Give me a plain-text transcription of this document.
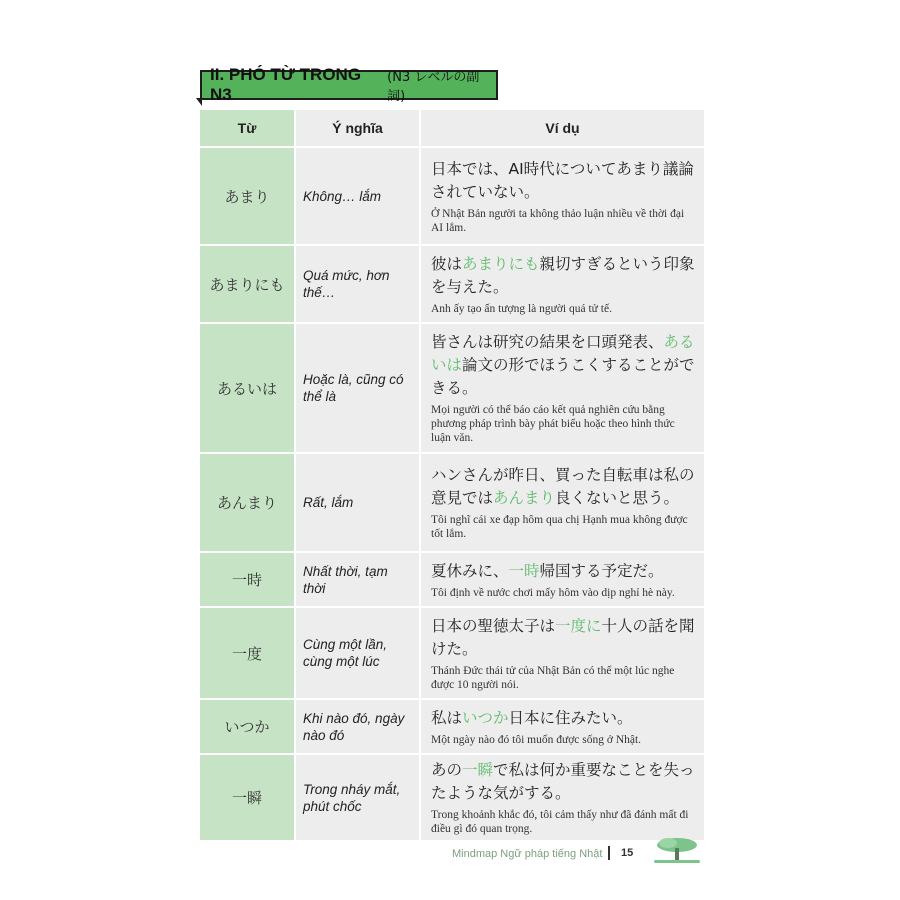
II. PHÓ TỪ TRONG N3
(N3 レベルの副詞)
Từ	Ý nghĩa	Ví dụ
あまり	Không… lắm	日本では、AI時代についてあまり議論されていない。
Ở Nhật Bản người ta không thảo luận nhiều về thời đại AI lắm.

あまりにも	Quá mức, hơn thế…	彼はあまりにも親切すぎるという印象を与えた。
Anh ấy tạo ấn tượng là người quá tử tế.

あるいは	Hoặc là, cũng có thể là	皆さんは研究の結果を口頭発表、あるいは論文の形でほうこくすることができる。
Mọi người có thể báo cáo kết quả nghiên cứu bằng phương pháp trình bày phát biểu hoặc theo hình thức luận văn.

あんまり	Rất, lắm	ハンさんが昨日、買った自転車は私の意見ではあんまり良くないと思う。
Tôi nghĩ cái xe đạp hôm qua chị Hạnh mua không được tốt lắm.

一時	Nhất thời, tạm thời	夏休みに、一時帰国する予定だ。
Tôi định về nước chơi mấy hôm vào dịp nghỉ hè này.

一度	Cùng một lần, cùng một lúc	日本の聖徳太子は一度に十人の話を聞けた。
Thánh Đức thái tử của Nhật Bản có thể một lúc nghe được 10 người nói.

いつか	Khi nào đó, ngày nào đó	私はいつか日本に住みたい。
Một ngày nào đó tôi muốn được sống ở Nhật.

一瞬	Trong nháy mắt, phút chốc	あの一瞬で私は何か重要なことを失ったような気がする。
Trong khoảnh khắc đó, tôi cảm thấy như đã đánh mất đi điều gì đó quan trọng.
Mindmap Ngữ pháp tiếng Nhật 15
